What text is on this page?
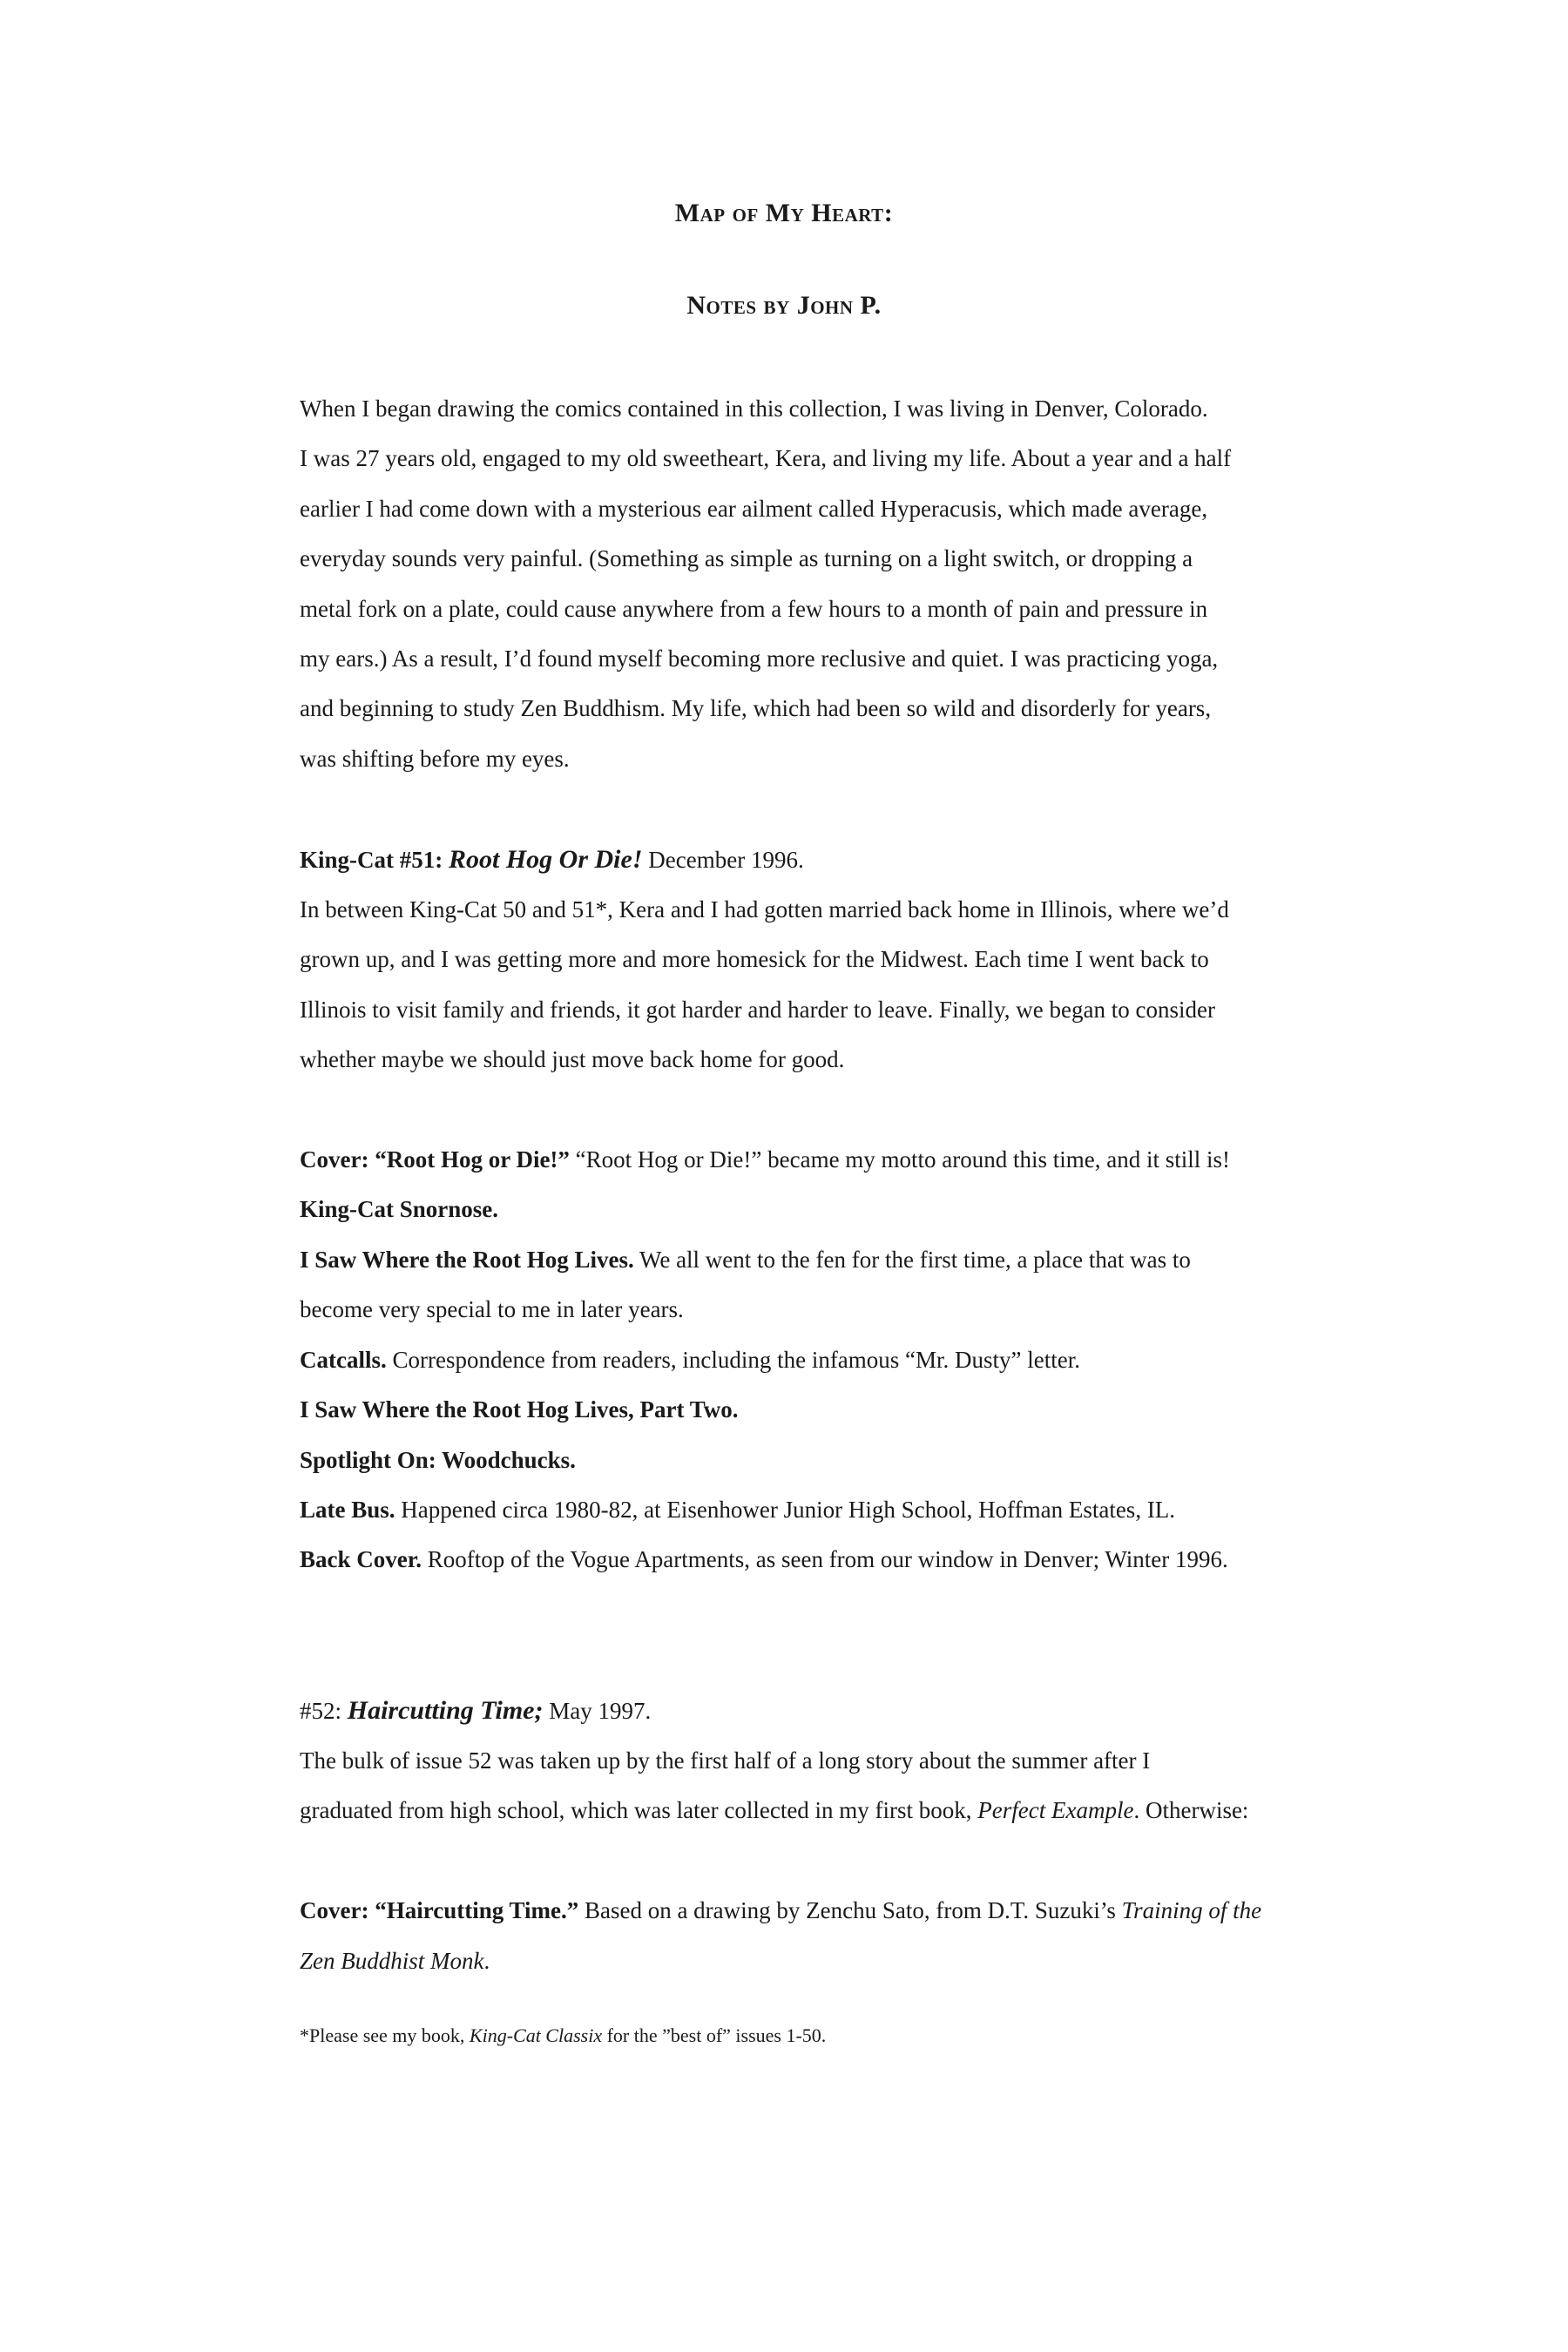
Map of My Heart:
Notes by John P.

When I began drawing the comics contained in this collection, I was living in Denver, Colorado.

I was 27 years old, engaged to my old sweetheart, Kera, and living my life. About a year and a half

earlier I had come down with a mysterious ear ailment called Hyperacusis, which made average,

everyday sounds very painful. (Something as simple as turning on a light switch, or dropping a

metal fork on a plate, could cause anywhere from a few hours to a month of pain and pressure in

my ears.) As a result, I’d found myself becoming more reclusive and quiet. I was practicing yoga,

and beginning to study Zen Buddhism. My life, which had been so wild and disorderly for years,

was shifting before my eyes.

King-Cat #51: Root Hog Or Die! December 1996.

In between King-Cat 50 and 51*, Kera and I had gotten married back home in Illinois, where we’d

grown up, and I was getting more and more homesick for the Midwest. Each time I went back to

Illinois to visit family and friends, it got harder and harder to leave. Finally, we began to consider

whether maybe we should just move back home for good.

Cover: “Root Hog or Die!” “Root Hog or Die!” became my motto around this time, and it still is!

King-Cat Snornose.

I Saw Where the Root Hog Lives. We all went to the fen for the first time, a place that was to

become very special to me in later years.

Catcalls. Correspondence from readers, including the infamous “Mr. Dusty” letter.

I Saw Where the Root Hog Lives, Part Two.

Spotlight On: Woodchucks.

Late Bus. Happened circa 1980-82, at Eisenhower Junior High School, Hoffman Estates, IL.

Back Cover. Rooftop of the Vogue Apartments, as seen from our window in Denver; Winter 1996.

#52: Haircutting Time; May 1997.

The bulk of issue 52 was taken up by the first half of a long story about the summer after I

graduated from high school, which was later collected in my first book, Perfect Example. Otherwise:

Cover: “Haircutting Time.” Based on a drawing by Zenchu Sato, from D.T. Suzuki’s Training of the

Zen Buddhist Monk.

*Please see my book, King-Cat Classix for the ”best of” issues 1-50.
